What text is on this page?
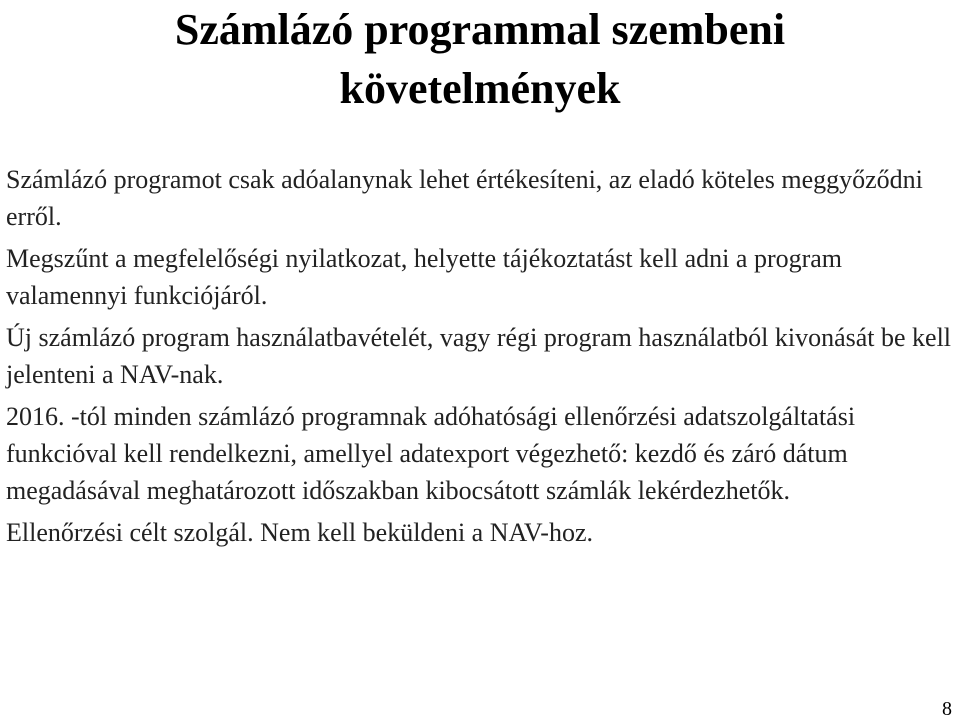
Számlázó programmal szembeni
követelmények

Számlázó programot csak adóalanynak lehet értékesíteni, az eladó köteles meggyőződni erről.

Megszűnt a megfelelőségi nyilatkozat, helyette tájékoztatást kell adni a program valamennyi funkciójáról.

Új számlázó program használatbavételét, vagy régi program használatból kivonását be kell jelenteni a NAV-nak.

2016. -tól minden számlázó programnak adóhatósági ellenőrzési adatszolgáltatási funkcióval kell rendelkezni, amellyel adatexport végezhető: kezdő és záró dátum megadásával meghatározott időszakban kibocsátott számlák lekérdezhetők.

Ellenőrzési célt szolgál. Nem kell beküldeni a NAV-hoz.

8
